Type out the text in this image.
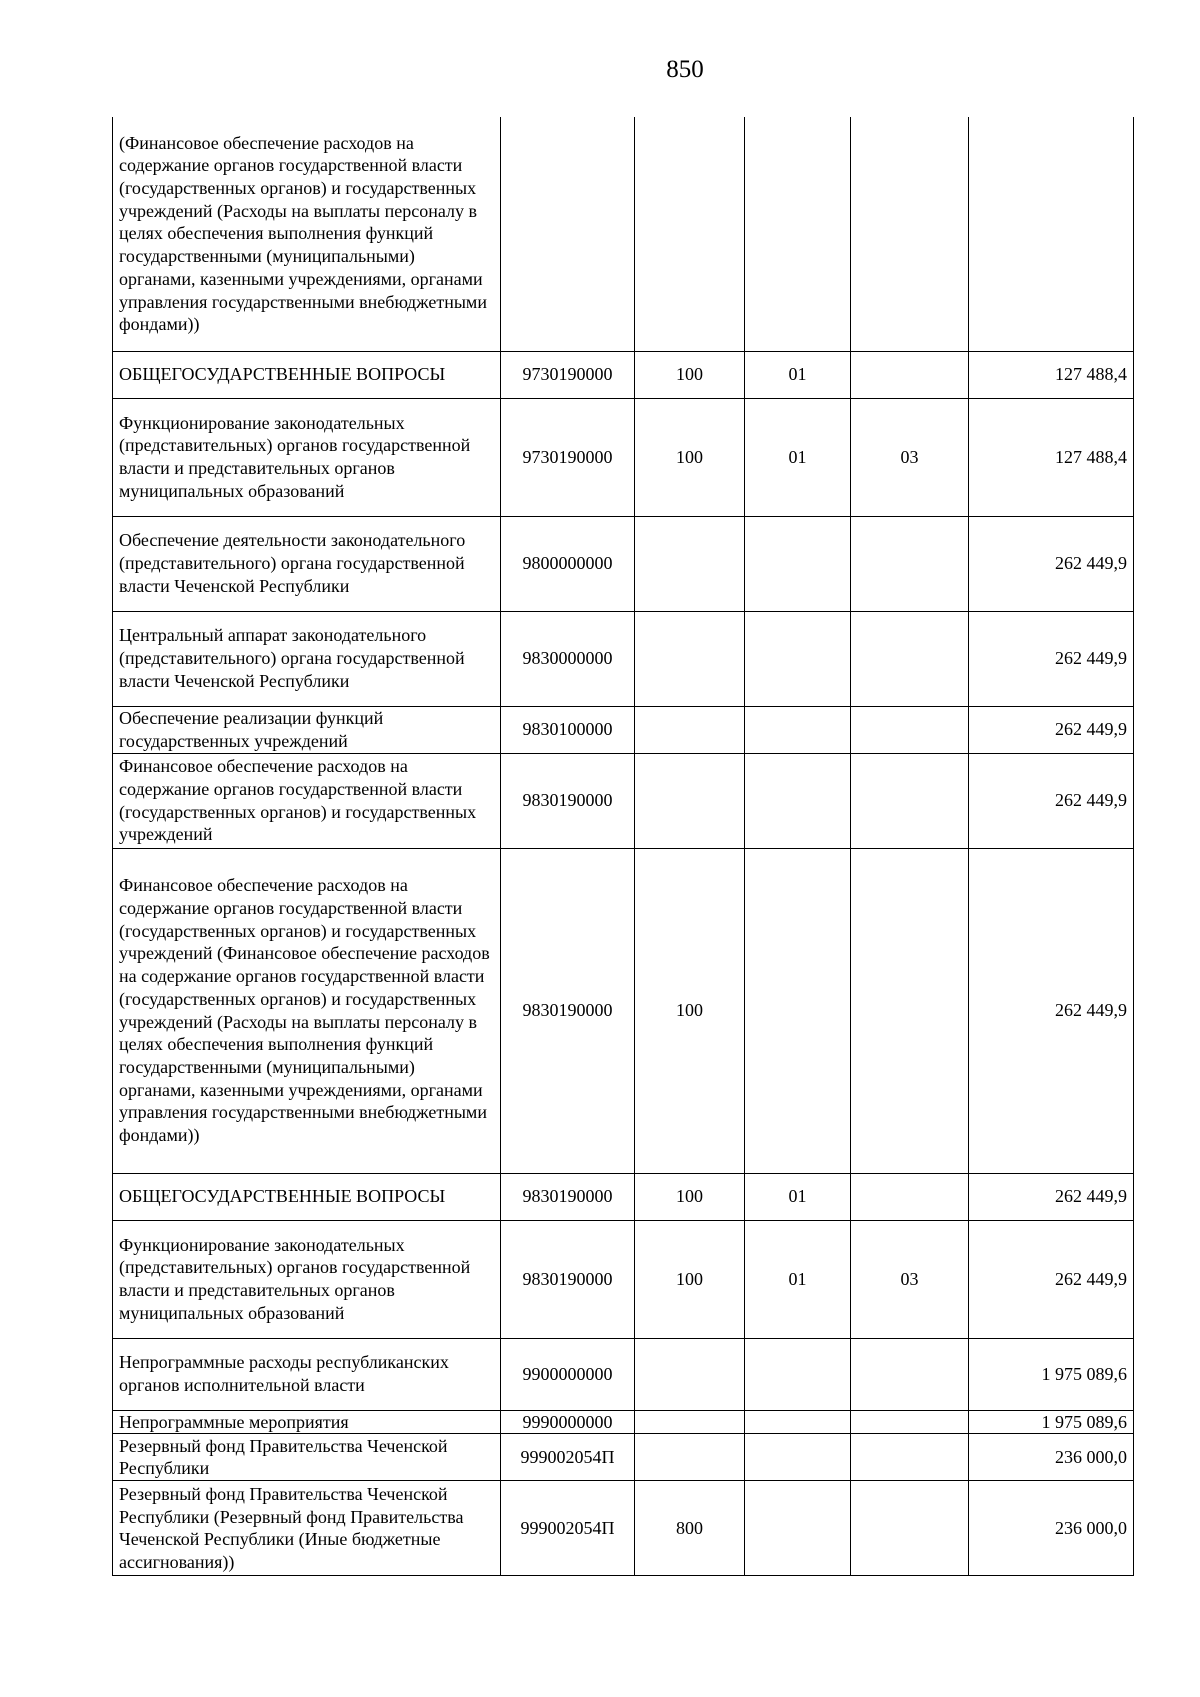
850
(Финансовое обеспечение расходов на содержание органов государственной власти (государственных органов) и государственных учреждений (Расходы на выплаты персоналу в целях обеспечения выполнения функций государственными (муниципальными) органами, казенными учреждениями, органами управления государственными внебюджетными фондами))					
ОБЩЕГОСУДАРСТВЕННЫЕ ВОПРОСЫ	9730190000	100	01		127 488,4
Функционирование законодательных (представительных) органов государственной власти и представительных органов муниципальных образований	9730190000	100	01	03	127 488,4
Обеспечение деятельности законодательного (представительного) органа государственной власти Чеченской Республики	9800000000				262 449,9
Центральный аппарат законодательного (представительного) органа государственной власти Чеченской Республики	9830000000				262 449,9
Обеспечение реализации функций государственных учреждений	9830100000				262 449,9
Финансовое обеспечение расходов на содержание органов государственной власти (государственных органов) и государственных учреждений	9830190000				262 449,9
Финансовое обеспечение расходов на содержание органов государственной власти (государственных органов) и государственных учреждений (Финансовое обеспечение расходов на содержание органов государственной власти (государственных органов) и государственных учреждений (Расходы на выплаты персоналу в целях обеспечения выполнения функций государственными (муниципальными) органами, казенными учреждениями, органами управления государственными внебюджетными фондами))	9830190000	100			262 449,9
ОБЩЕГОСУДАРСТВЕННЫЕ ВОПРОСЫ	9830190000	100	01		262 449,9
Функционирование законодательных (представительных) органов государственной власти и представительных органов муниципальных образований	9830190000	100	01	03	262 449,9
Непрограммные расходы республиканских органов исполнительной власти	9900000000				1 975 089,6
Непрограммные мероприятия	9990000000				1 975 089,6
Резервный фонд Правительства Чеченской Республики	999002054П				236 000,0
Резервный фонд Правительства Чеченской Республики (Резервный фонд Правительства Чеченской Республики (Иные бюджетные ассигнования))	999002054П	800			236 000,0
